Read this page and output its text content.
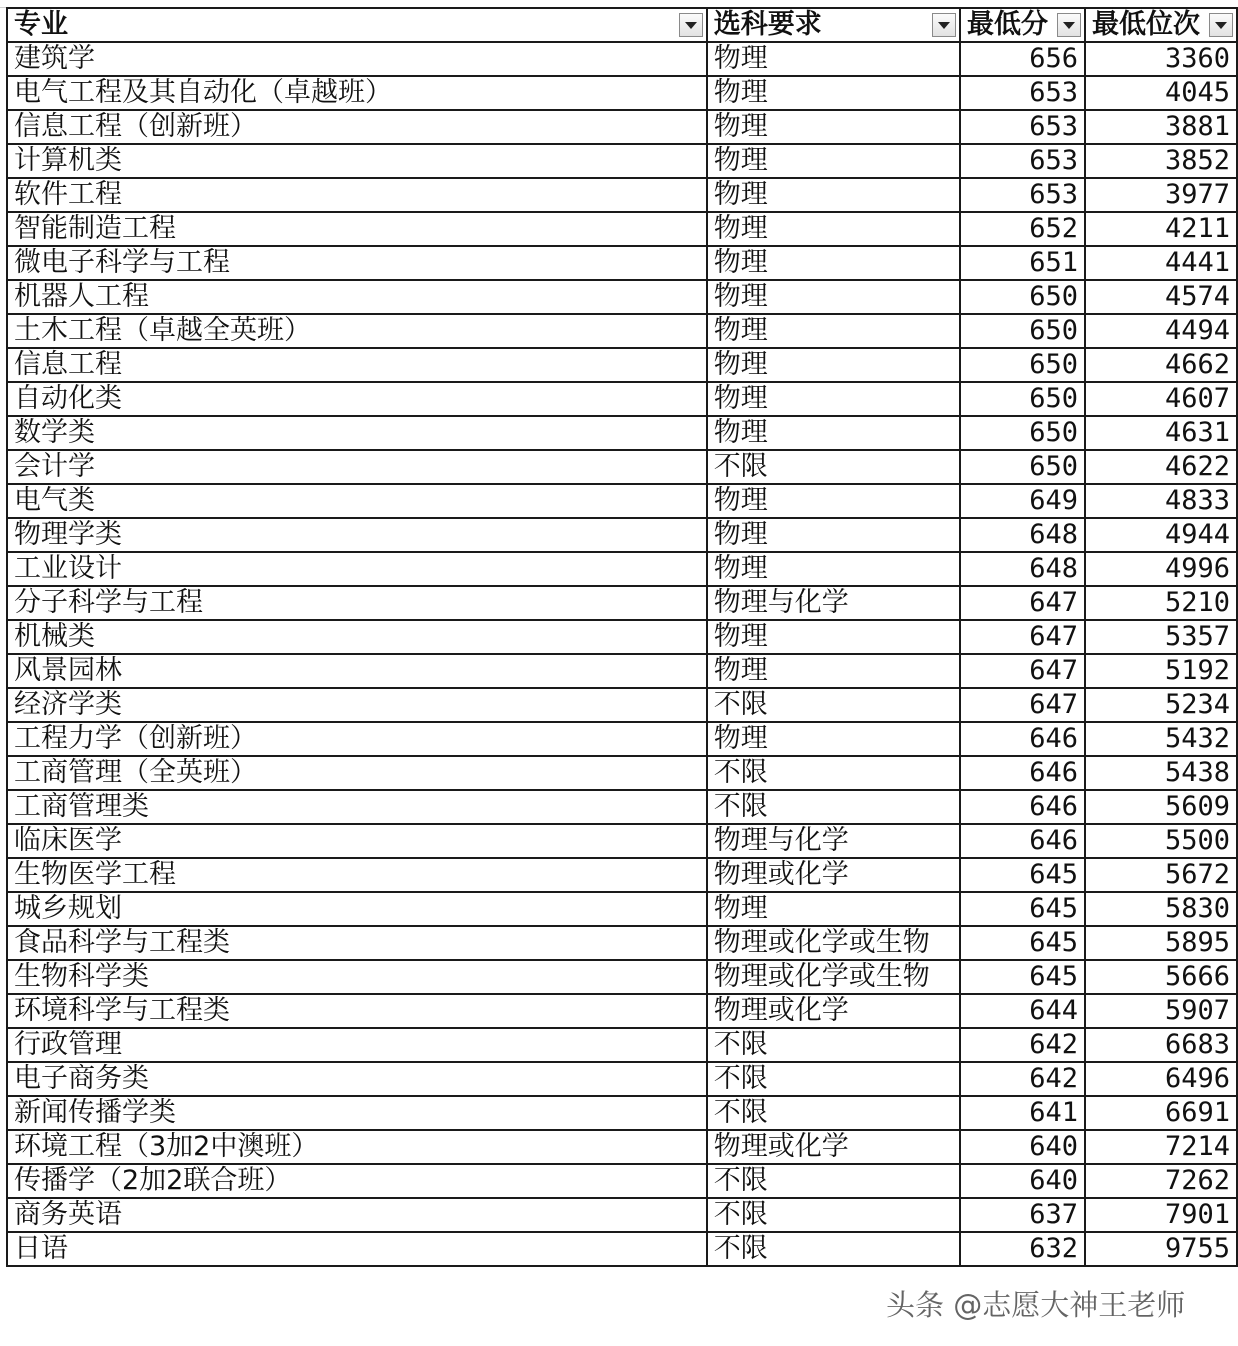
专业	选科要求	最低分	最低位次

建筑学	物理	656	3360
电气工程及其自动化（卓越班）	物理	653	4045
信息工程（创新班）	物理	653	3881
计算机类	物理	653	3852
软件工程	物理	653	3977
智能制造工程	物理	652	4211
微电子科学与工程	物理	651	4441
机器人工程	物理	650	4574
土木工程（卓越全英班）	物理	650	4494
信息工程	物理	650	4662
自动化类	物理	650	4607
数学类	物理	650	4631
会计学	不限	650	4622
电气类	物理	649	4833
物理学类	物理	648	4944
工业设计	物理	648	4996
分子科学与工程	物理与化学	647	5210
机械类	物理	647	5357
风景园林	物理	647	5192
经济学类	不限	647	5234
工程力学（创新班）	物理	646	5432
工商管理（全英班）	不限	646	5438
工商管理类	不限	646	5609
临床医学	物理与化学	646	5500
生物医学工程	物理或化学	645	5672
城乡规划	物理	645	5830
食品科学与工程类	物理或化学或生物	645	5895
生物科学类	物理或化学或生物	645	5666
环境科学与工程类	物理或化学	644	5907
行政管理	不限	642	6683
电子商务类	不限	642	6496
新闻传播学类	不限	641	6691
环境工程（3加2中澳班）	物理或化学	640	7214
传播学（2加2联合班）	不限	640	7262
商务英语	不限	637	7901
日语	不限	632	9755
头条 @志愿大神王老师
